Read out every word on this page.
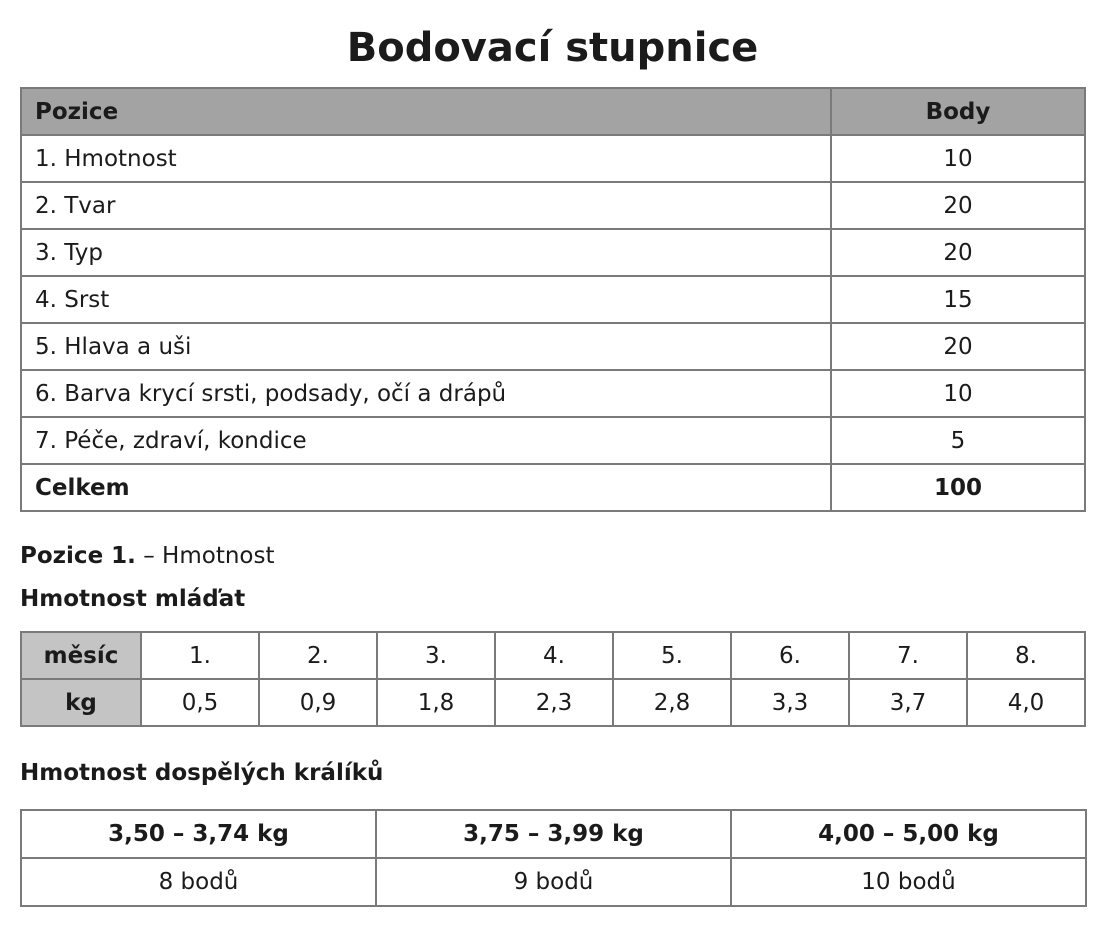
Bodovací stupnice
Pozice	Body
1. Hmotnost	10
2. Tvar	20
3. Typ	20
4. Srst	15
5. Hlava a uši	20
6. Barva krycí srsti, podsady, očí a drápů	10
7. Péče, zdraví, kondice	5
Celkem	100
Pozice 1. – Hmotnost
Hmotnost mláďat
měsíc	1.	2.	3.	4.	5.	6.	7.	8.
kg	0,5	0,9	1,8	2,3	2,8	3,3	3,7	4,0
Hmotnost dospělých králíků
3,50 – 3,74 kg	3,75 – 3,99 kg	4,00 – 5,00 kg
8 bodů	9 bodů	10 bodů
